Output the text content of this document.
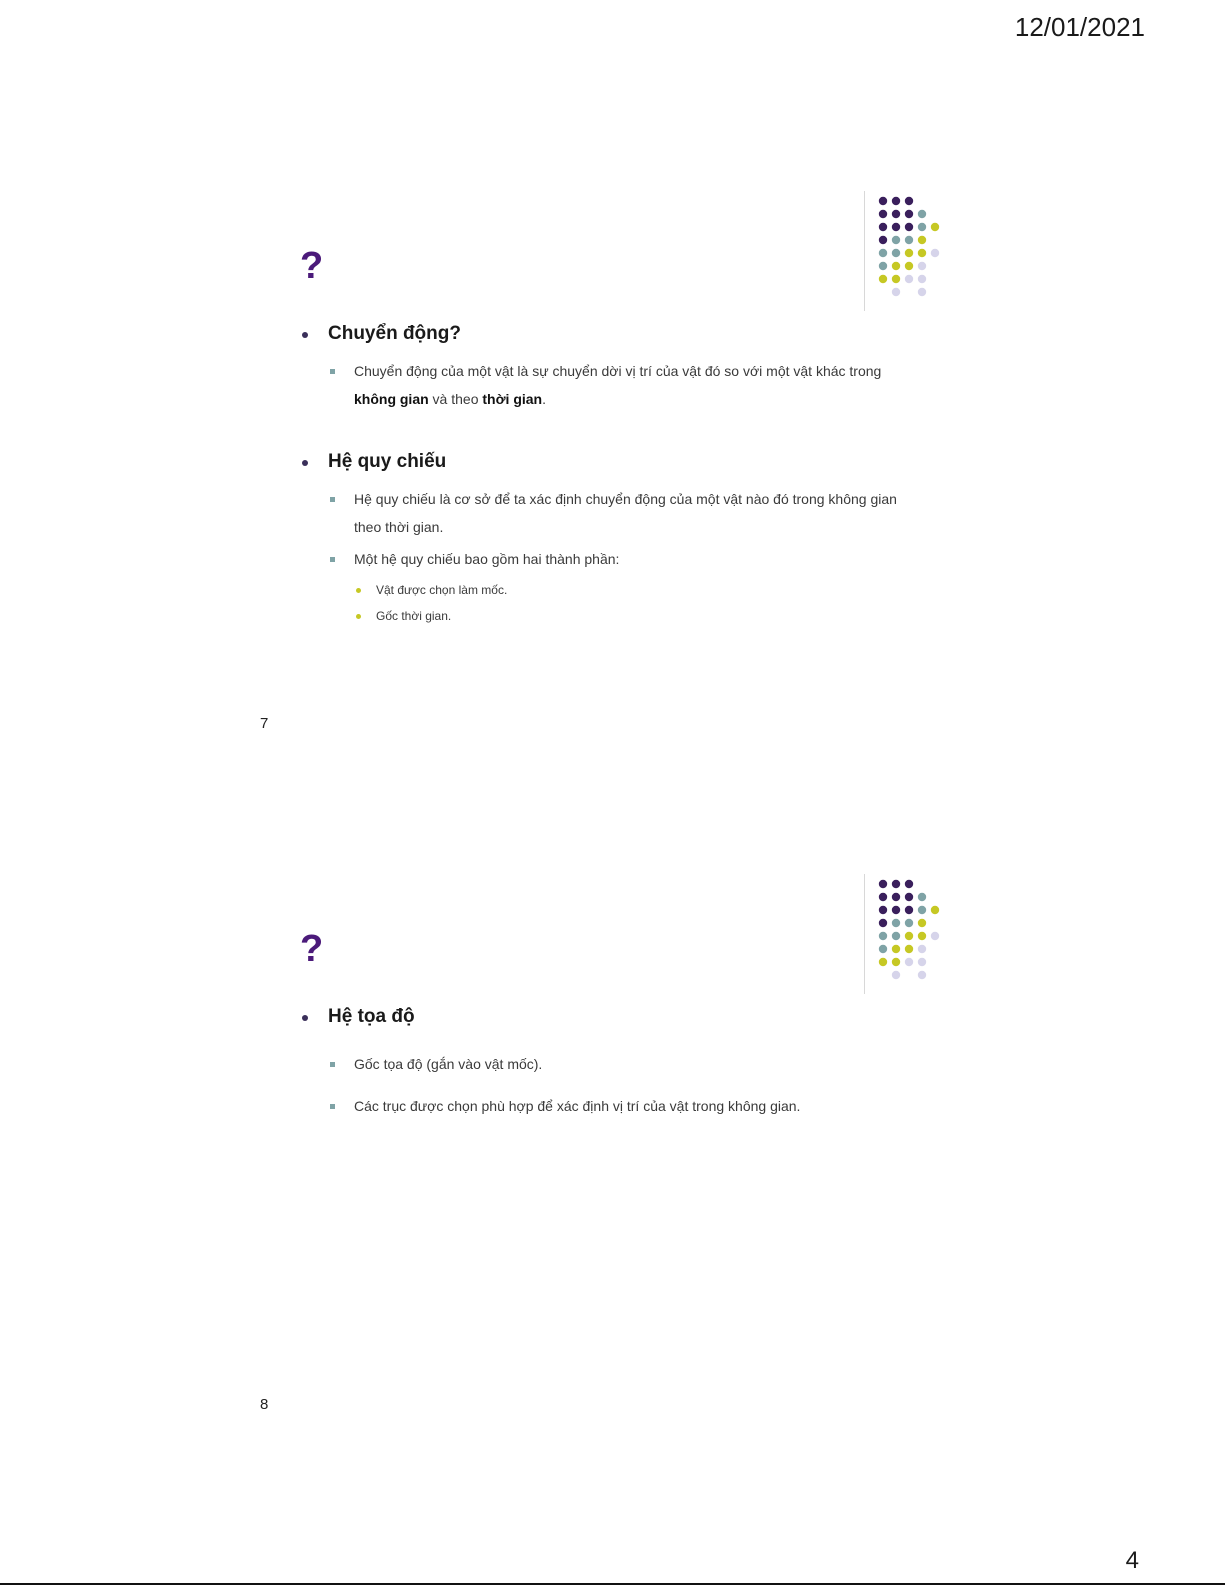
12/01/2021
?
Chuyển động?
Chuyển động của một vật là sự chuyển dời vị trí của vật đó so với một vật khác trong không gian và theo thời gian.
Hệ quy chiếu
Hệ quy chiếu là cơ sở để ta xác định chuyển động của một vật nào đó trong không gian theo thời gian.
Một hệ quy chiếu bao gồm hai thành phần:
Vật được chọn làm mốc.
Gốc thời gian.
7
?
Hệ tọa độ
Gốc tọa độ (gắn vào vật mốc).
Các trục được chọn phù hợp để xác định vị trí của vật trong không gian.
8
4
